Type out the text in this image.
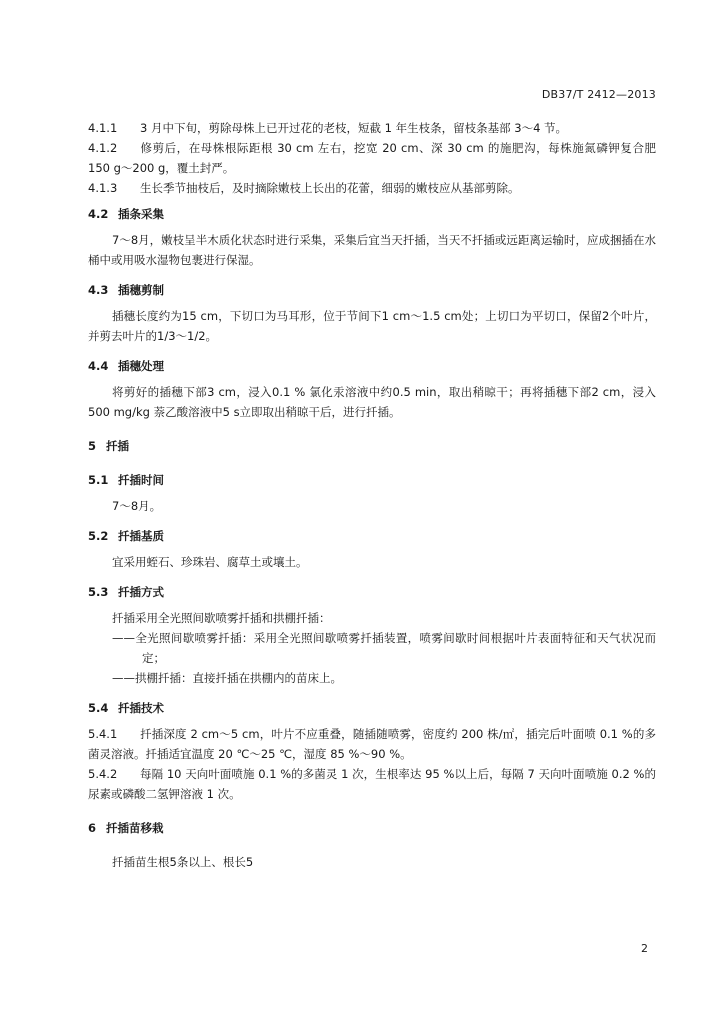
DB37/T 2412—2013

4.1.1 3 月中下旬，剪除母株上已开过花的老枝，短截 1 年生枝条，留枝条基部 3～4 节。

4.1.2 修剪后，在母株根际距根 30 cm 左右，挖宽 20 cm、深 30 cm 的施肥沟，每株施氮磷钾复合肥 150 g～200 g，覆土封严。

4.1.3 生长季节抽枝后，及时摘除嫩枝上长出的花蕾，细弱的嫩枝应从基部剪除。

4.2 插条采集

7～8月，嫩枝呈半木质化状态时进行采集，采集后宜当天扦插，当天不扦插或远距离运输时，应成捆插在水桶中或用吸水湿物包裹进行保湿。

4.3 插穗剪制

插穗长度约为15 cm，下切口为马耳形，位于节间下1 cm～1.5 cm处；上切口为平切口，保留2个叶片，并剪去叶片的1/3～1/2。

4.4 插穗处理

将剪好的插穗下部3 cm，浸入0.1 % 氯化汞溶液中约0.5 min，取出稍晾干；再将插穗下部2 cm，浸入500 mg/kg 萘乙酸溶液中5 s立即取出稍晾干后，进行扦插。

5 扦插

5.1 扦插时间

7～8月。

5.2 扦插基质

宜采用蛭石、珍珠岩、腐草土或壤土。

5.3 扦插方式

扦插采用全光照间歇喷雾扦插和拱棚扦插：

——全光照间歇喷雾扦插：采用全光照间歇喷雾扦插装置，喷雾间歇时间根据叶片表面特征和天气状况而定；

——拱棚扦插：直接扦插在拱棚内的苗床上。

5.4 扦插技术

5.4.1 扦插深度 2 cm～5 cm，叶片不应重叠，随插随喷雾，密度约 200 株/㎡，插完后叶面喷 0.1 %的多菌灵溶液。扦插适宜温度 20 ℃～25 ℃，湿度 85 %～90 %。

5.4.2 每隔 10 天向叶面喷施 0.1 %的多菌灵 1 次，生根率达 95 %以上后，每隔 7 天向叶面喷施 0.2 %的尿素或磷酸二氢钾溶液 1 次。

6 扦插苗移栽

扦插苗生根5条以上、根长5

2
